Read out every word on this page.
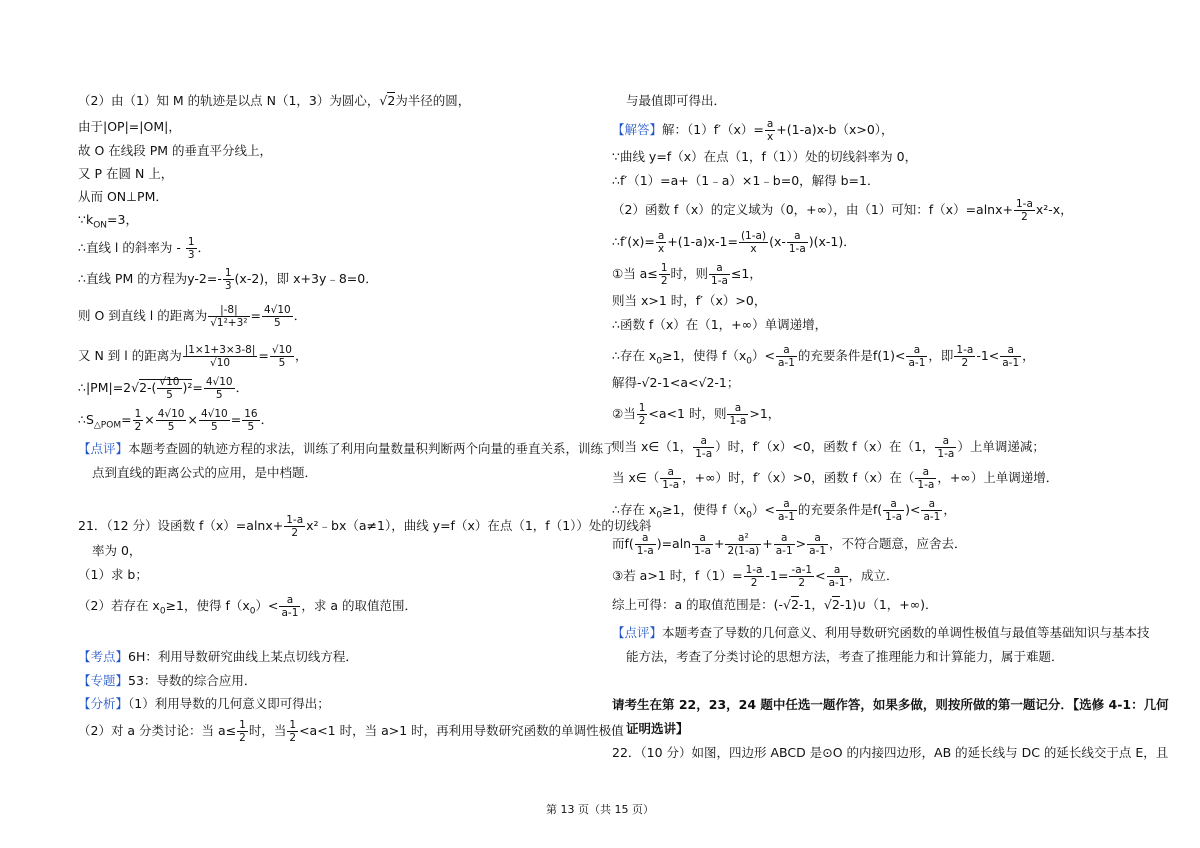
（2）由（1）知 M 的轨迹是以点 N（1，3）为圆心，√2为半径的圆，
由于|OP|=|OM|，
故 O 在线段 PM 的垂直平分线上，
又 P 在圆 N 上，
从而 ON⊥PM．
$\because k_{ON}=3$，
∴直线 l 的斜率为 - $\frac{1}{3}$ ．
∴直线 PM 的方程为$y-2=- \frac{1}{3} (x-2)$，即 x+3y﹣8=0．
则 O 到直线 l 的距离为 $\frac{|-8|}{\text{√1²+3²}} = \frac{4√10}{5}$ ．
又 N 到 l 的距离为 $\frac{|1\times 1+3\times 3-8|}{√10} = \frac{√10}{5}$ ，
∴|PM|=2√2-( $\frac{√10}{5} )^2= \frac{4√10}{5}$ ．
$\therefore S_{\triangle POM}= \frac{1}{2} \times \frac{4√10}{5} \times \frac{4√10}{5} = \frac{16}{5}$ ．
【点评】本题考查圆的轨迹方程的求法，训练了利用向量数量积判断两个向量的垂直关系，训练了
点到直线的距离公式的应用，是中档题．
21．（12 分）设函数 $f(x)=alnx+ \frac{1-a}{2}$ x²﹣bx（a≠1），曲线 y=f（x）在点（1，f（1））处的切线斜
率为 0，
（1）求 b；
（2）若存在 $x_0\ge 1$，使得 $f(x_0)< \frac{a}{a-1}$ ，求 a 的取值范围．
【考点】6H：利用导数研究曲线上某点切线方程．
【专题】53：导数的综合应用．
【分析】（1）利用导数的几何意义即可得出；
（2）对 a 分类讨论：当 $a\le \frac{1}{2}$ 时，当 $\frac{1}{2} <a<1$ 时，当 a>1 时，再利用导数研究函数的单调性极值
与最值即可得出．
【解答】解：$(1)f'(x)= \frac{a}{x} +(1-a)x-b(x>0)$，
∵曲线 y=f（x）在点（1，f（1））处的切线斜率为 0，
∴f′（1）=a+（1﹣a）×1﹣b=0，解得 b=1．
（2）函数 f（x）的定义域为（0，+∞），由（1）可知：$f(x)=alnx+ \frac{1-a}{2} x^2-x$，
∴f′(x)= $\frac{a}{x} +(1-a)x-1= \frac{(1-a)}{x} (x- \frac{a}{1-a} )(x-1)$．
①当 $a\le \frac{1}{2}$ 时，则 $\frac{a}{1-a} \le 1$，
则当 x>1 时，f′（x）>0，
∴函数 f（x）在（1，+∞）单调递增，
∴存在 $x_0\ge 1$，使得 $f(x_0)< \frac{a}{a-1}$ 的充要条件是$f(1)< \frac{a}{a-1}$ ，即 $\frac{1-a}{2} -1< \frac{a}{a-1}$ ，
解得-√2-1<a<√2-1；
②当 $\frac{1}{2} <a<1$ 时，则 $\frac{a}{1-a} >1$，
则当 x∈（1， $\frac{a}{1-a}$ ）时，f′（x）<0，函数 f（x）在（1， $\frac{a}{1-a}$ ）上单调递减；
当 x∈（ $\frac{a}{1-a}$ ，+∞）时，f′（x）>0，函数 f（x）在（ $\frac{a}{1-a}$ ，+∞）上单调递增．
∴存在 $x_0\ge 1$，使得 $f(x_0)< \frac{a}{a-1}$ 的充要条件是$f( \frac{a}{1-a}$ )< $\frac{a}{a-1}$ ，
而$f( \frac{a}{1-a} )=aln \frac{a}{1-a} + \frac{\text{a²}}{2(1-a)} + \frac{a}{a-1} > \frac{a}{a-1}$ ，不符合题意，应舍去．
③若 a>1 时，$f(1)= \frac{1-a}{2} -1= \frac{-a-1}{2} < \frac{a}{a-1}$ ，成立．
综上可得：a 的取值范围是：(-√2-1，√2-1)∪（1，+∞)．
【点评】本题考查了导数的几何意义、利用导数研究函数的单调性极值与最值等基础知识与基本技
能方法，考查了分类讨论的思想方法，考查了推理能力和计算能力，属于难题．
请考生在第 22，23，24 题中任选一题作答，如果多做，则按所做的第一题记分．【选修 4-1：几何
证明选讲】
22．（10 分）如图，四边形 ABCD 是⊙O 的内接四边形，AB 的延长线与 DC 的延长线交于点 E，且
第 13 页（共 15 页）
